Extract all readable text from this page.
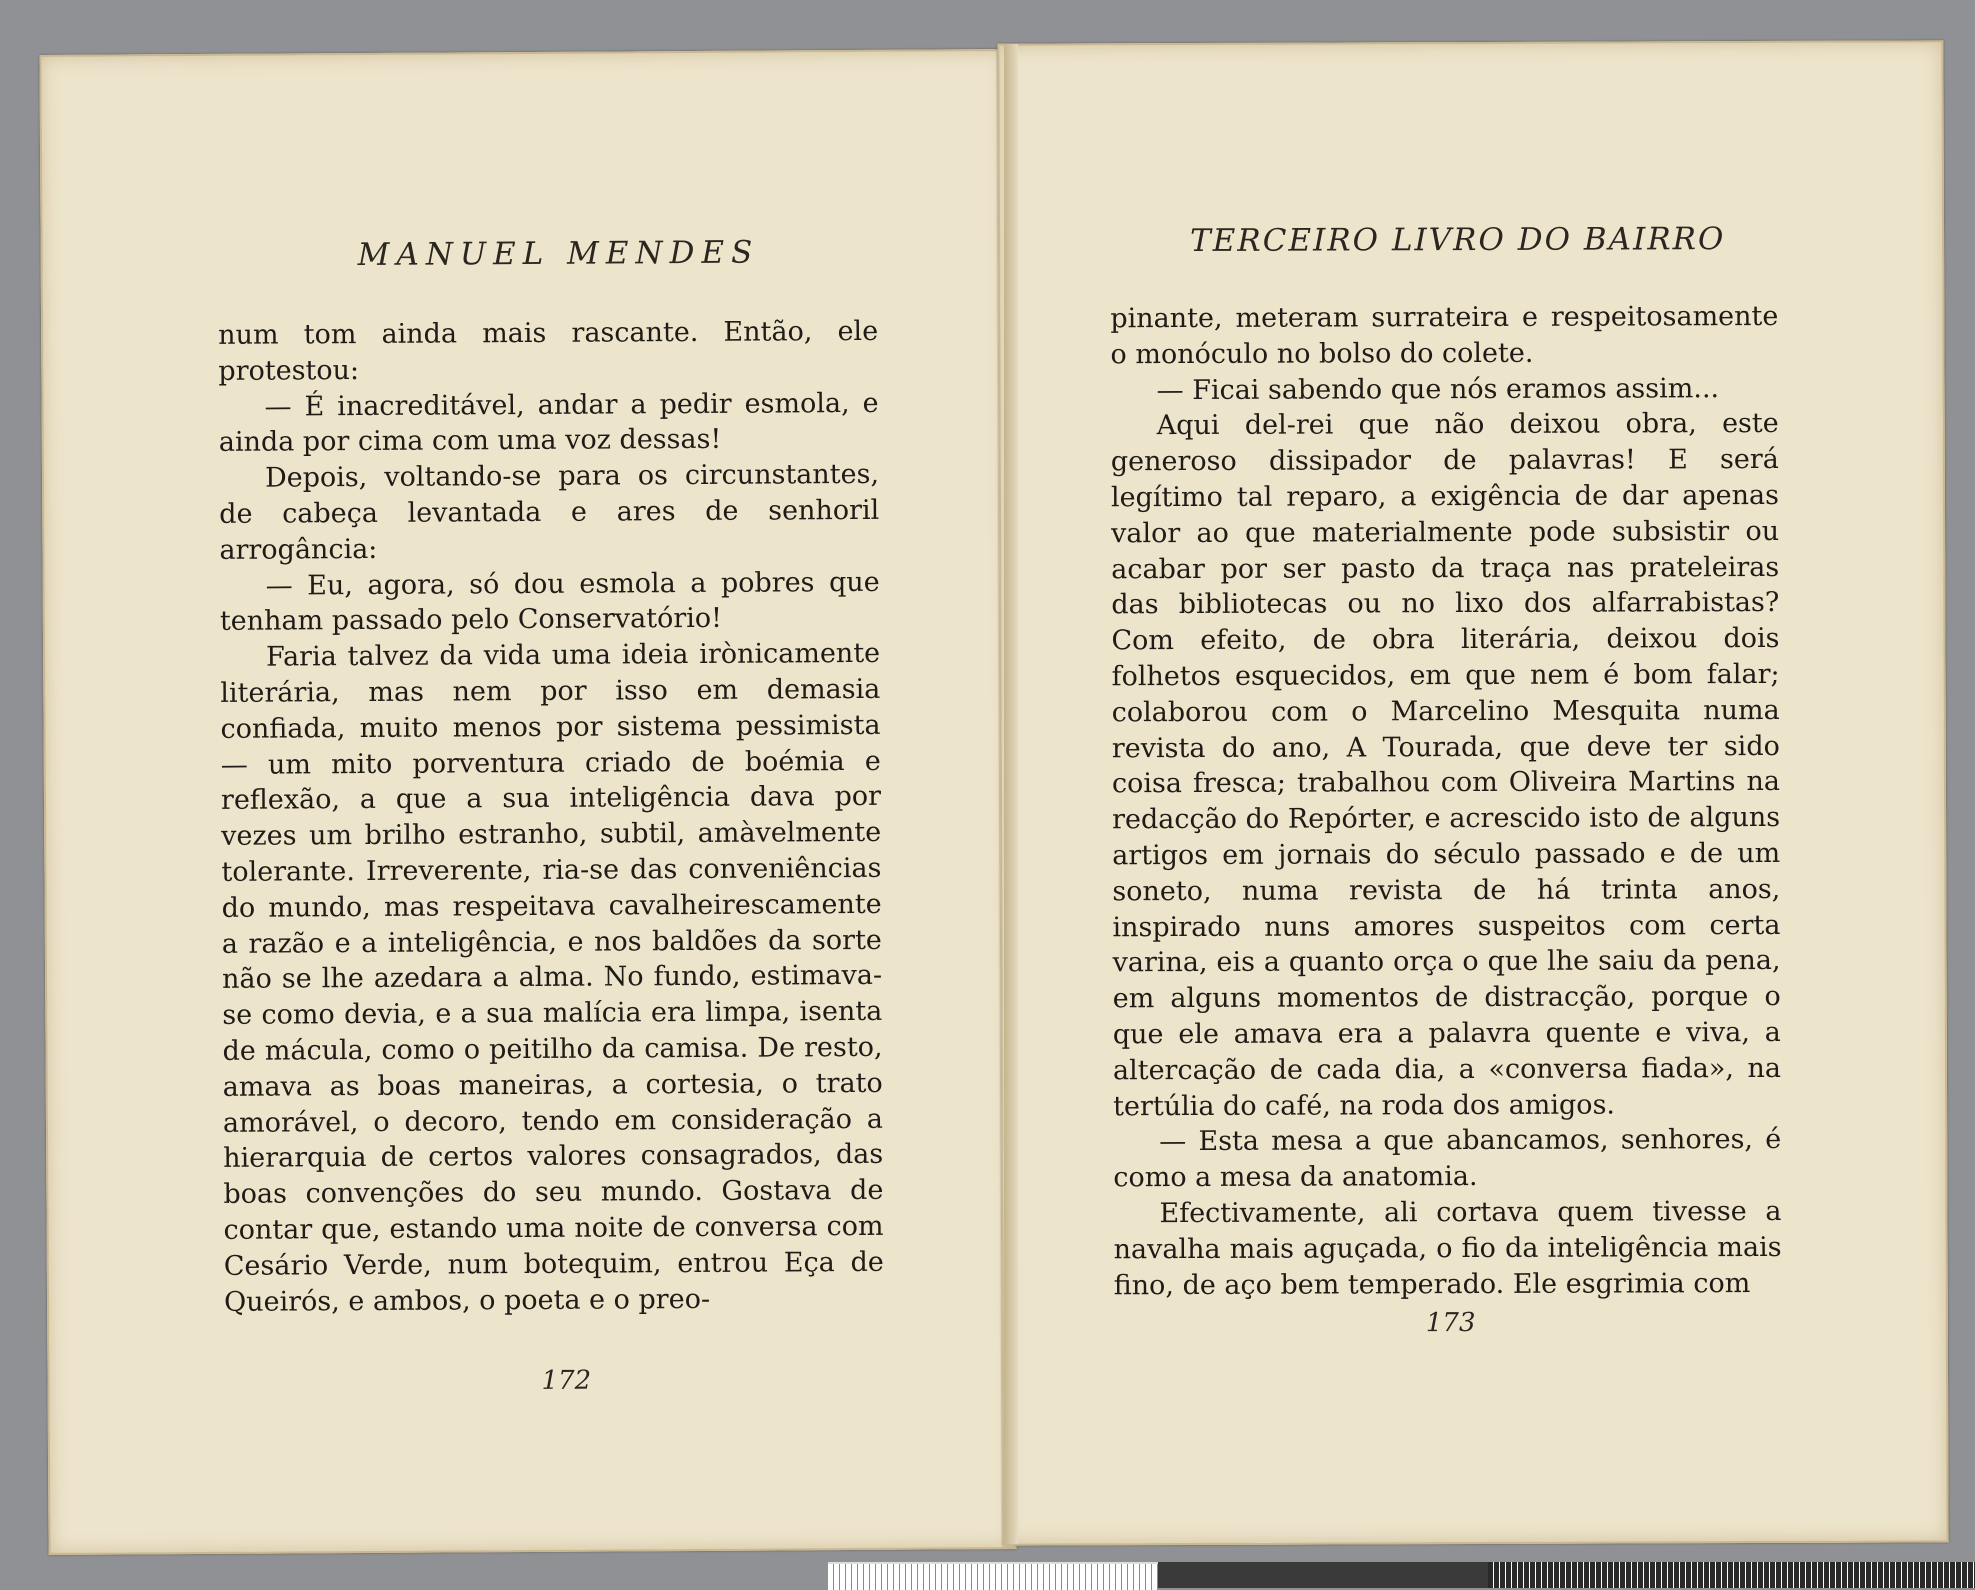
MANUEL MENDES

num tom ainda mais rascante. Então, ele protestou:

— É inacreditável, andar a pedir esmola, e ainda por cima com uma voz dessas!

Depois, voltando-se para os circunstantes, de cabeça levantada e ares de senhoril arrogância:

— Eu, agora, só dou esmola a pobres que tenham passado pelo Conservatório!

Faria talvez da vida uma ideia irònicamente literária, mas nem por isso em demasia confiada, muito menos por sistema pessimista — um mito porventura criado de boémia e reflexão, a que a sua inteligência dava por vezes um brilho estranho, subtil, amàvelmente tolerante. Irreverente, ria-se das conveniências do mundo, mas respeitava cavalheirescamente a razão e a inteligência, e nos baldões da sorte não se lhe azedara a alma. No fundo, estimava-se como devia, e a sua malícia era limpa, isenta de mácula, como o peitilho da camisa. De resto, amava as boas maneiras, a cortesia, o trato amorável, o decoro, tendo em consideração a hierarquia de certos valores consagrados, das boas convenções do seu mundo. Gostava de contar que, estando uma noite de conversa com Cesário Verde, num botequim, entrou Eça de Queirós, e ambos, o poeta e o preo-

172
TERCEIRO LIVRO DO BAIRRO

pinante, meteram surrateira e respeitosamente o monóculo no bolso do colete.

— Ficai sabendo que nós eramos assim...

Aqui del-rei que não deixou obra, este generoso dissipador de palavras! E será legítimo tal reparo, a exigência de dar apenas valor ao que materialmente pode subsistir ou acabar por ser pasto da traça nas prateleiras das bibliotecas ou no lixo dos alfarrabistas? Com efeito, de obra literária, deixou dois folhetos esquecidos, em que nem é bom falar; colaborou com o Marcelino Mesquita numa revista do ano, A Tourada, que deve ter sido coisa fresca; trabalhou com Oliveira Martins na redacção do Repórter, e acrescido isto de alguns artigos em jornais do século passado e de um soneto, numa revista de há trinta anos, inspirado nuns amores suspeitos com certa varina, eis a quanto orça o que lhe saiu da pena, em alguns momentos de distracção, porque o que ele amava era a palavra quente e viva, a altercação de cada dia, a «conversa fiada», na tertúlia do café, na roda dos amigos.

— Esta mesa a que abancamos, senhores, é como a mesa da anatomia.

Efectivamente, ali cortava quem tivesse a navalha mais aguçada, o fio da inteligência mais fino, de aço bem temperado. Ele esgrimia com

173
